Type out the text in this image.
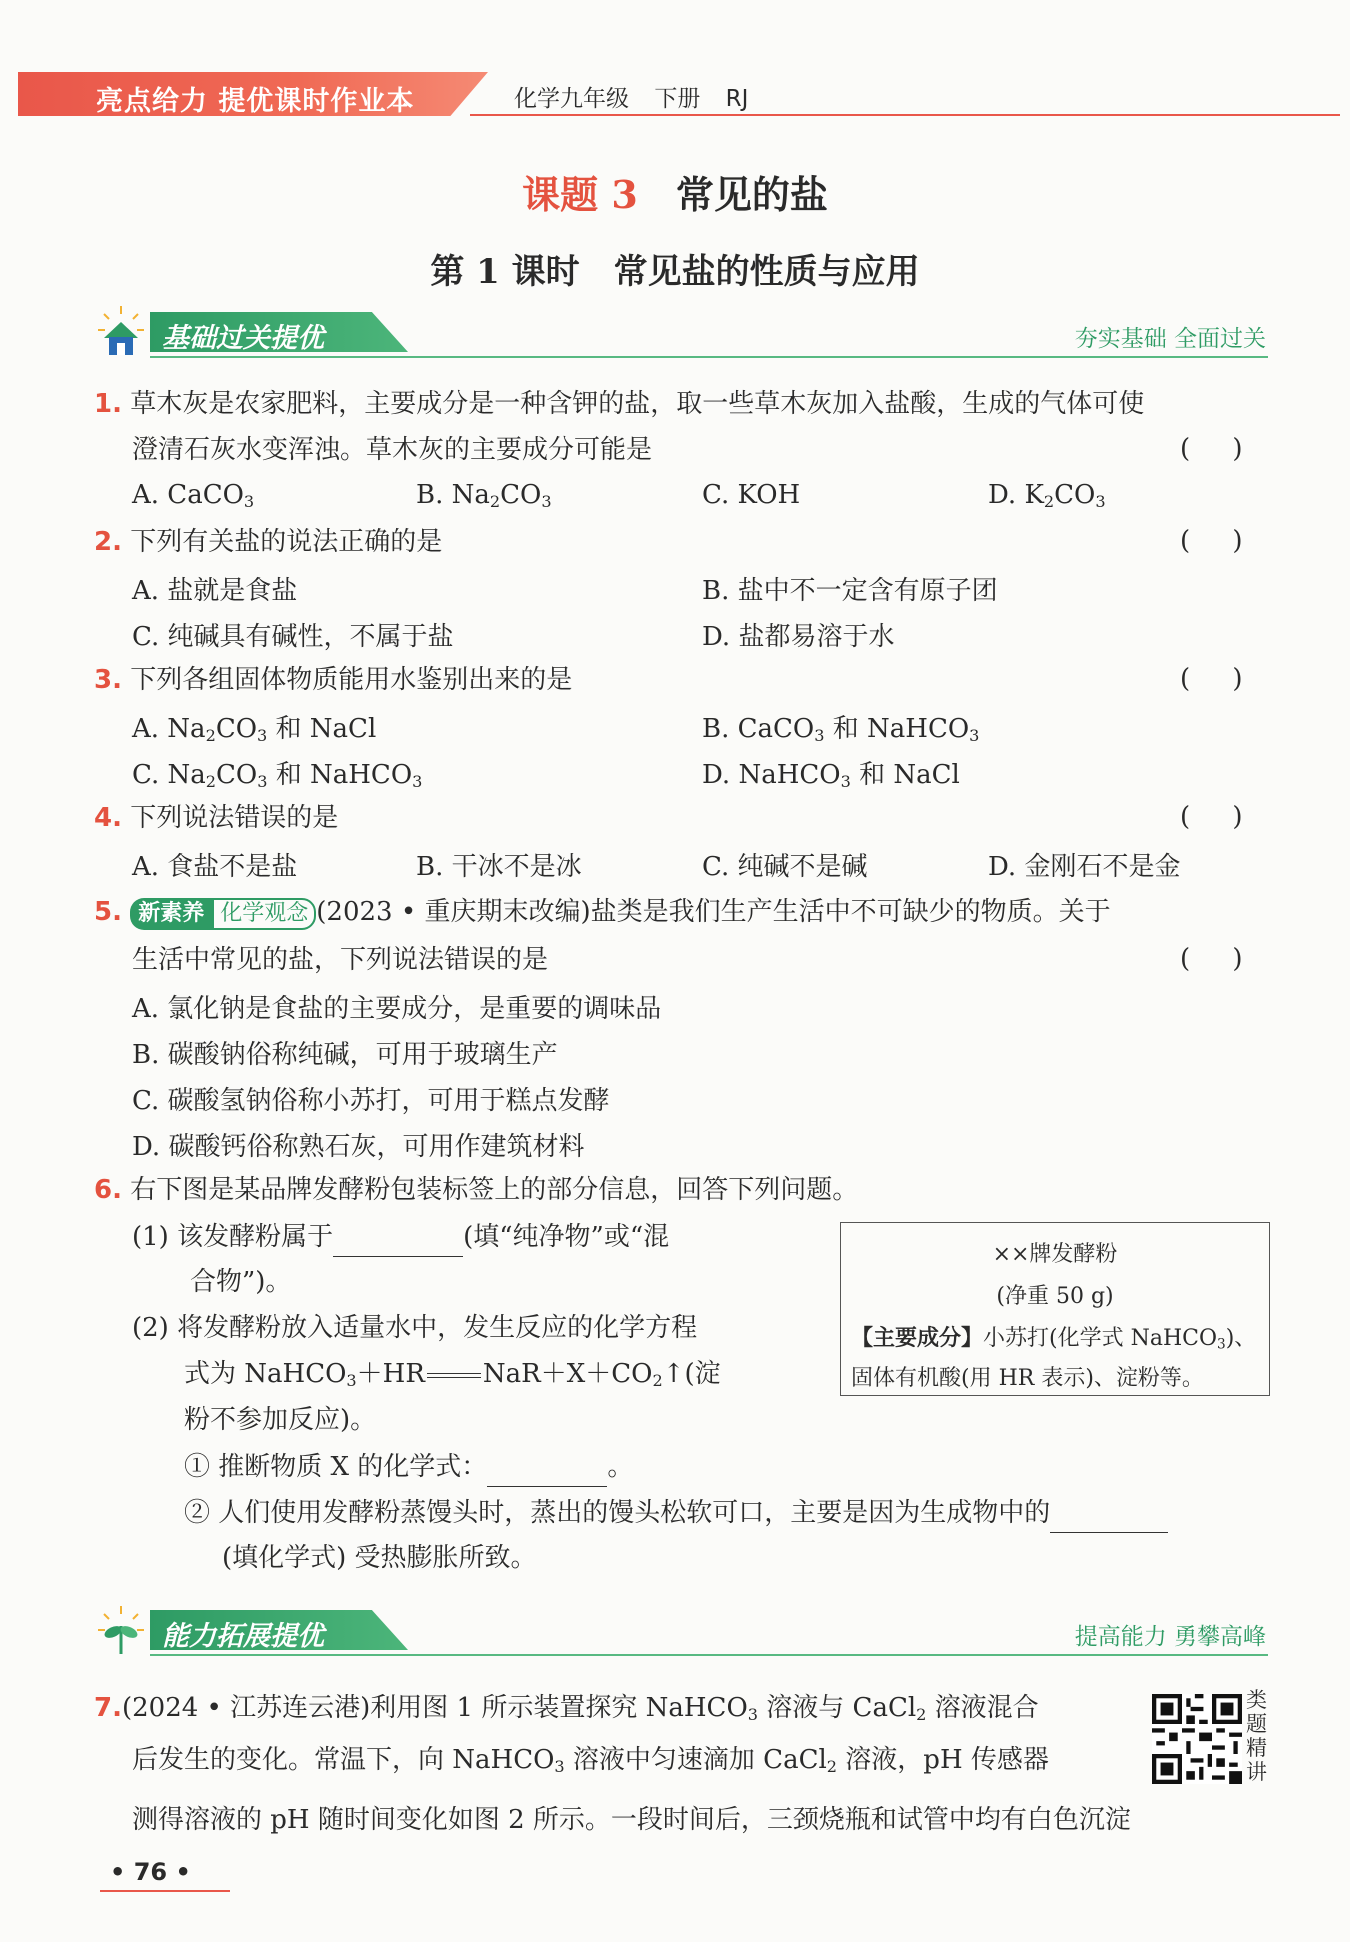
亮点给力 提优课时作业本	化学九年级 下册 RJ
课题 3　 常见的盐
第 1 课时　常见盐的性质与应用
基础过关提优	夯实基础 全面过关
1. 草木灰是农家肥料，主要成分是一种含钾的盐，取一些草木灰加入盐酸，生成的气体可使
澄清石灰水变浑浊。草木灰的主要成分可能是	( )
A. CaCO$_3$	B. $Na_2CO_3$	C. KOH	D. $K_2CO_3$
2. 下列有关盐的说法正确的是	( )
A. 盐就是食盐	B. 盐中不一定含有原子团
C. 纯碱具有碱性，不属于盐	D. 盐都易溶于水
3. 下列各组固体物质能用水鉴别出来的是	( )
A. $Na_2CO_3$ 和 NaCl	B. CaCO$_3$ 和 NaHCO$_3$
C. $Na_2CO_3$ 和 NaHCO$_3$	D. NaHCO$_3$ 和 NaCl
4. 下列说法错误的是	( )
A. 食盐不是盐	B. 干冰不是冰	C. 纯碱不是碱	D. 金刚石不是金
5. 新素养 化学观念 (2023 • 重庆期末改编)盐类是我们生产生活中不可缺少的物质。关于
生活中常见的盐，下列说法错误的是	( )
A. 氯化钠是食盐的主要成分，是重要的调味品
B. 碳酸钠俗称纯碱，可用于玻璃生产
C. 碳酸氢钠俗称小苏打，可用于糕点发酵
D. 碳酸钙俗称熟石灰，可用作建筑材料
6. 右下图是某品牌发酵粉包装标签上的部分信息，回答下列问题。
(1) 该发酵粉属于	(填“纯净物”或“混
合物”)。
(2) 将发酵粉放入适量水中，发生反应的化学方程
式为 NaHCO$_3$＋HR $NaR+X+CO_2↑$(淀
粉不参加反应)。
① 推断物质 X 的化学式：	。
② 人们使用发酵粉蒸馒头时，蒸出的馒头松软可口，主要是因为生成物中的
(填化学式) 受热膨胀所致。
××牌发酵粉
(净重 50 g)
【主要成分】小苏打(化学式 NaHCO$_3$)、
固体有机酸(用 HR 表示)、淀粉等。
能力拓展提优	提高能力 勇攀高峰
7.(2024 • 江苏连云港)利用图 1 所示装置探究 NaHCO$_3$ 溶液与 CaCl$_2$ 溶液混合
后发生的变化。常温下，向 NaHCO$_3$ 溶液中匀速滴加 CaCl$_2$ 溶液，pH 传感器
测得溶液的 pH 随时间变化如图 2 所示。一段时间后，三颈烧瓶和试管中均有白色沉淀
类题精讲
• 76 •
